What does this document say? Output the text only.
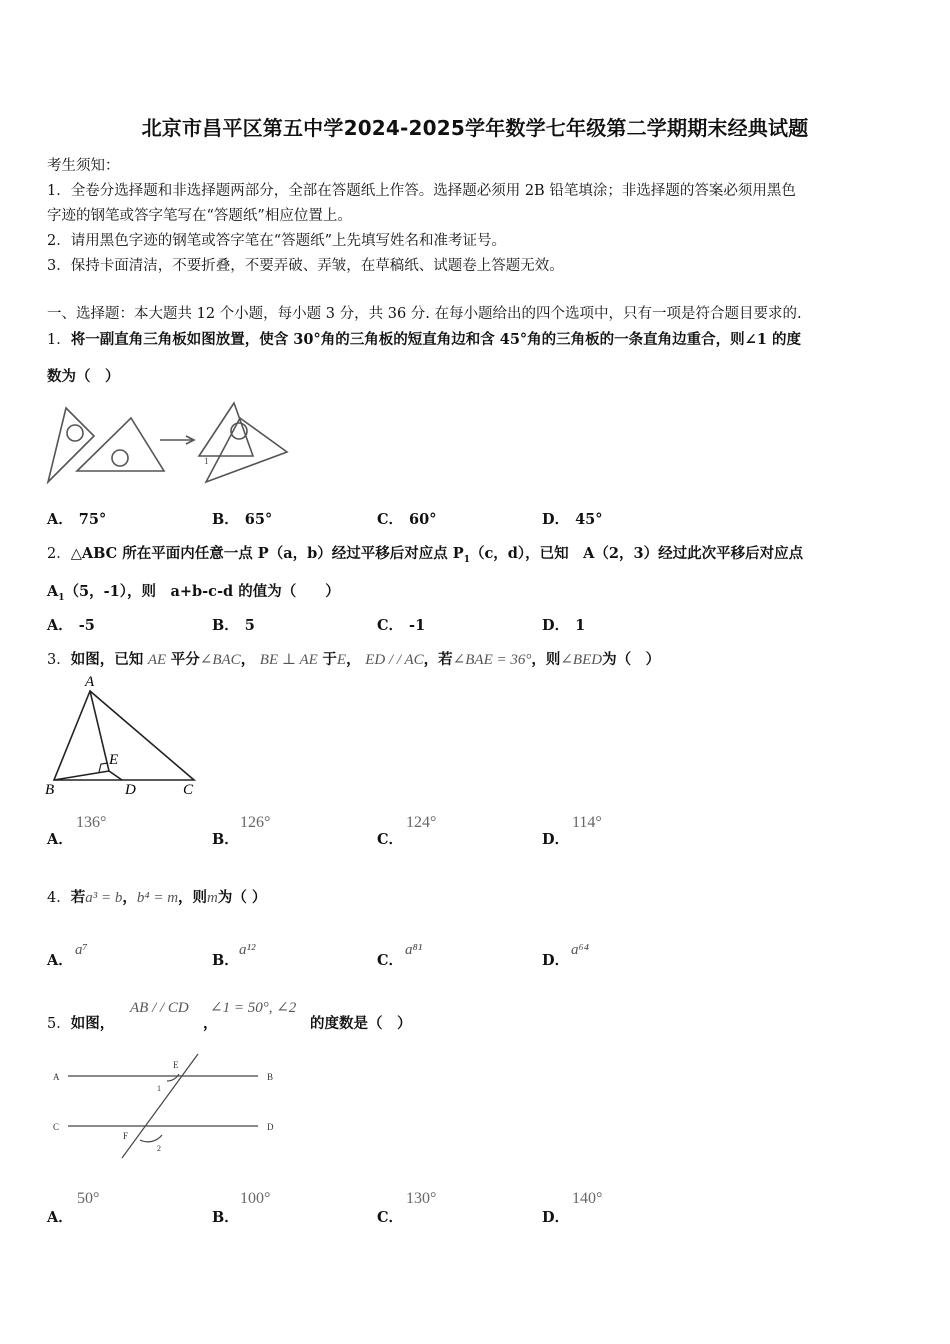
北京市昌平区第五中学2024-2025学年数学七年级第二学期期末经典试题
考生须知：
1．全卷分选择题和非选择题两部分，全部在答题纸上作答。选择题必须用 2B 铅笔填涂；非选择题的答案必须用黑色
字迹的钢笔或答字笔写在“答题纸”相应位置上。
2．请用黑色字迹的钢笔或答字笔在“答题纸”上先填写姓名和准考证号。
3．保持卡面清洁，不要折叠，不要弄破、弄皱，在草稿纸、试题卷上答题无效。
一、选择题：本大题共 12 个小题，每小题 3 分，共 36 分. 在每小题给出的四个选项中，只有一项是符合题目要求的.
1．将一副直角三角板如图放置，使含 30°角的三角板的短直角边和含 45°角的三角板的一条直角边重合，则∠1 的度
数为（　）
1
A． 75°	B． 65°	C． 60°	D． 45°
2．△ABC 所在平面内任意一点 P（a，b）经过平移后对应点 $P_1(c$，d），已知　A（2，3）经过此次平移后对应点
$A_1(5$，-1），则　a+b-c-d 的值为（　　）
A． -5	B． 5	C． -1	D． 1
3．如图，已知 AE 平分∠BAC， BE ⊥ AE 于E， ED / / AC，若∠BAE = 36°，则∠BED为（　）
A
B	D	C
E
A．
136°
B．
126°
C．
124°
D．
114°
4．若a³ = b，b⁴ = m，则m为（ ）
A．
a⁷
B．
a¹²
C．
a⁸¹
D．
a⁶⁴
5．如图，
AB / / CD
，
∠1 = 50°, ∠2
的度数是（　）
A	B
C	D
E
F
1
2
A．
50°
B．
100°
C．
130°
D．
140°
